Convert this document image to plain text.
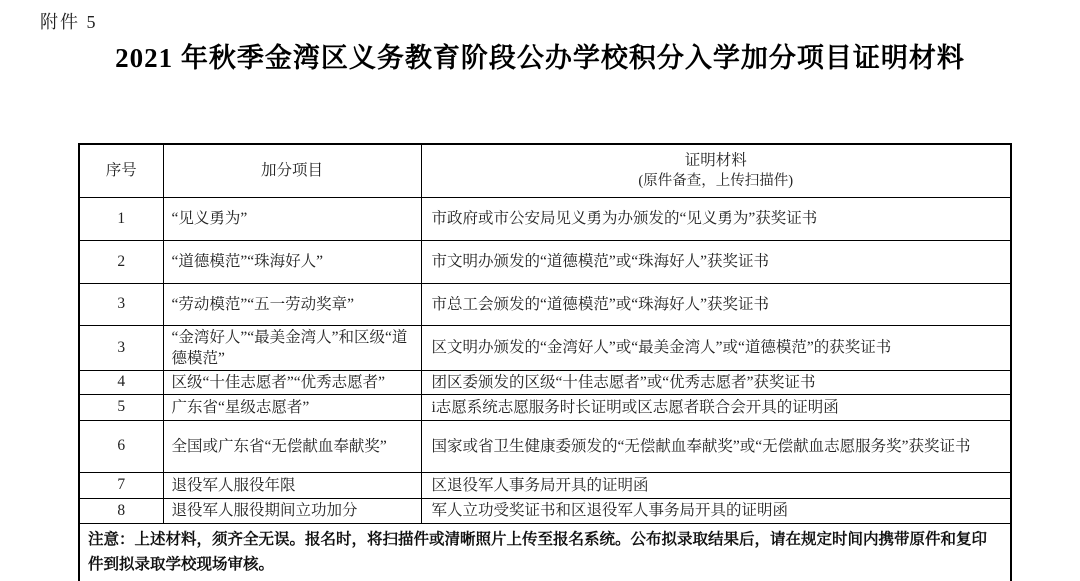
附件 5
2021 年秋季金湾区义务教育阶段公办学校积分入学加分项目证明材料
序号	加分项目	证明材料
(原件备查，上传扫描件)

1	“见义勇为”	市政府或市公安局见义勇为办颁发的“见义勇为”获奖证书
2	“道德模范”“珠海好人”	市文明办颁发的“道德模范”或“珠海好人”获奖证书
3	“劳动模范”“五一劳动奖章”	市总工会颁发的“道德模范”或“珠海好人”获奖证书
3	“金湾好人”“最美金湾人”和区级“道德模范”	区文明办颁发的“金湾好人”或“最美金湾人”或“道德模范”的获奖证书
4	区级“十佳志愿者”“优秀志愿者”	团区委颁发的区级“十佳志愿者”或“优秀志愿者”获奖证书
5	广东省“星级志愿者”	i志愿系统志愿服务时长证明或区志愿者联合会开具的证明函
6	全国或广东省“无偿献血奉献奖”	国家或省卫生健康委颁发的“无偿献血奉献奖”或“无偿献血志愿服务奖”获奖证书
7	退役军人服役年限	区退役军人事务局开具的证明函
8	退役军人服役期间立功加分	军人立功受奖证书和区退役军人事务局开具的证明函
注意：上述材料，须齐全无误。报名时，将扫描件或清晰照片上传至报名系统。公布拟录取结果后，请在规定时间内携带原件和复印件到拟录取学校现场审核。		
